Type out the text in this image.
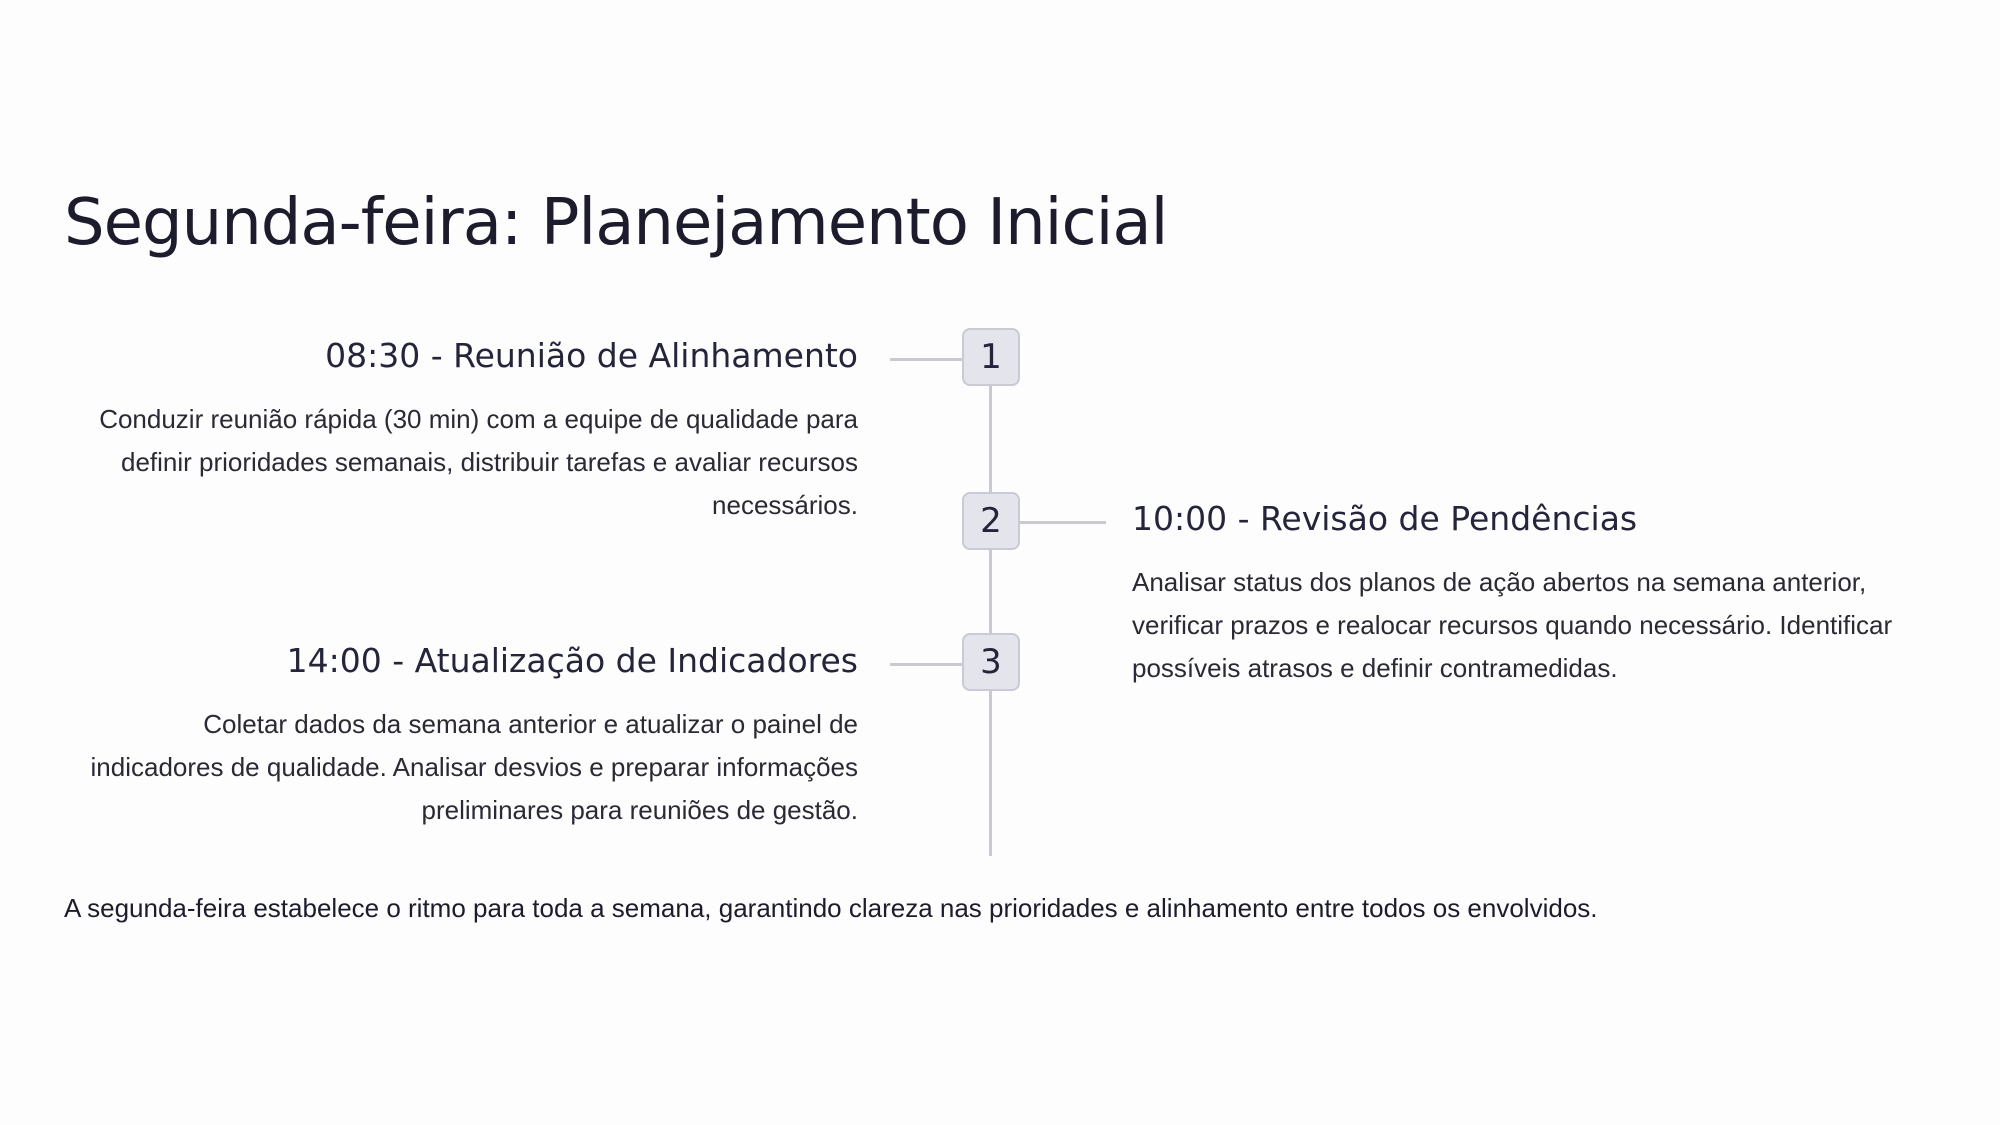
Segunda-feira: Planejamento Inicial
1
08:30 - Reunião de Alinhamento

Conduzir reunião rápida (30 min) com a equipe de qualidade para definir prioridades semanais, distribuir tarefas e avaliar recursos necessários.	2	10:00 - Revisão de Pendências

Analisar status dos planos de ação abertos na semana anterior, verificar prazos e realocar recursos quando necessário. Identificar possíveis atrasos e definir contramedidas.

3
14:00 - Atualização de Indicadores

Coletar dados da semana anterior e atualizar o painel de indicadores de qualidade. Analisar desvios e preparar informações preliminares para reuniões de gestão.

A segunda-feira estabelece o ritmo para toda a semana, garantindo clareza nas prioridades e alinhamento entre todos os envolvidos.
